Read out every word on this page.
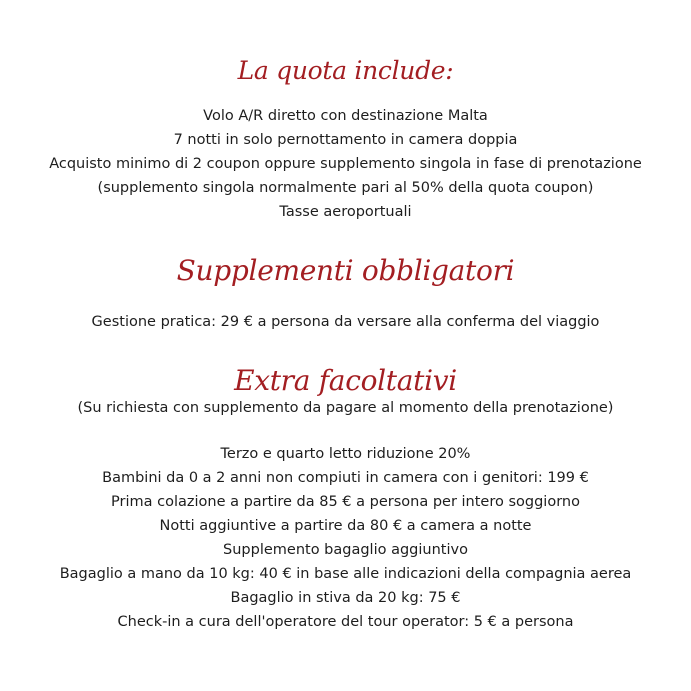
La quota include:
Volo A/R diretto con destinazione Malta
7 notti in solo pernottamento in camera doppia
Acquisto minimo di 2 coupon oppure supplemento singola in fase di prenotazione
(supplemento singola normalmente pari al 50% della quota coupon)
Tasse aeroportuali
Supplementi obbligatori
Gestione pratica: 29 € a persona da versare alla conferma del viaggio
Extra facoltativi
(Su richiesta con supplemento da pagare al momento della prenotazione)
Terzo e quarto letto riduzione 20%
Bambini da 0 a 2 anni non compiuti in camera con i genitori: 199 €
Prima colazione a partire da 85 € a persona per intero soggiorno
Notti aggiuntive a partire da 80 € a camera a notte
Supplemento bagaglio aggiuntivo
Bagaglio a mano da 10 kg: 40 € in base alle indicazioni della compagnia aerea
Bagaglio in stiva da 20 kg: 75 €
Check-in a cura dell'operatore del tour operator: 5 € a persona
